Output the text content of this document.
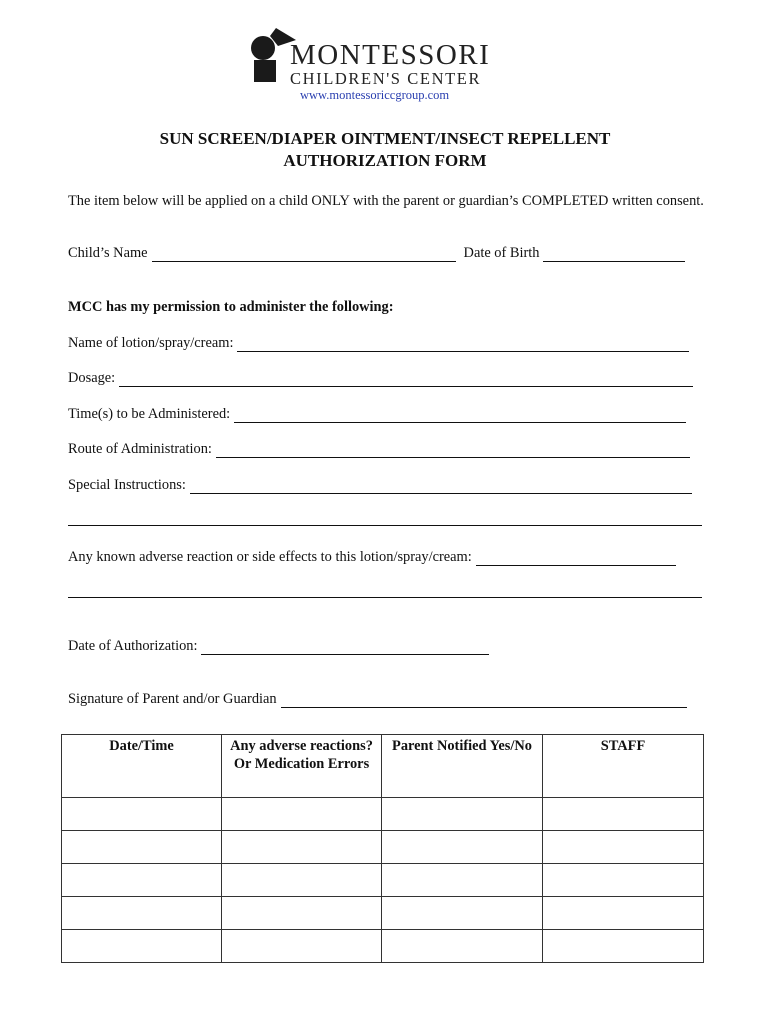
MONTESSORI
CHILDREN'S CENTER
www.montessoriccgroup.com
SUN SCREEN/DIAPER OINTMENT/INSECT REPELLENT
AUTHORIZATION FORM
The item below will be applied on a child ONLY with the parent or guardian’s COMPLETED written consent.
Child’s Name	Date of Birth
MCC has my permission to administer the following:
Name of lotion/spray/cream:
Dosage:
Time(s) to be Administered:
Route of Administration:
Special Instructions:
Any known adverse reaction or side effects to this lotion/spray/cream:
Date of Authorization:
Signature of Parent and/or Guardian
Date/Time	Any adverse reactions? Or Medication Errors	Parent Notified Yes/No	STAFF
